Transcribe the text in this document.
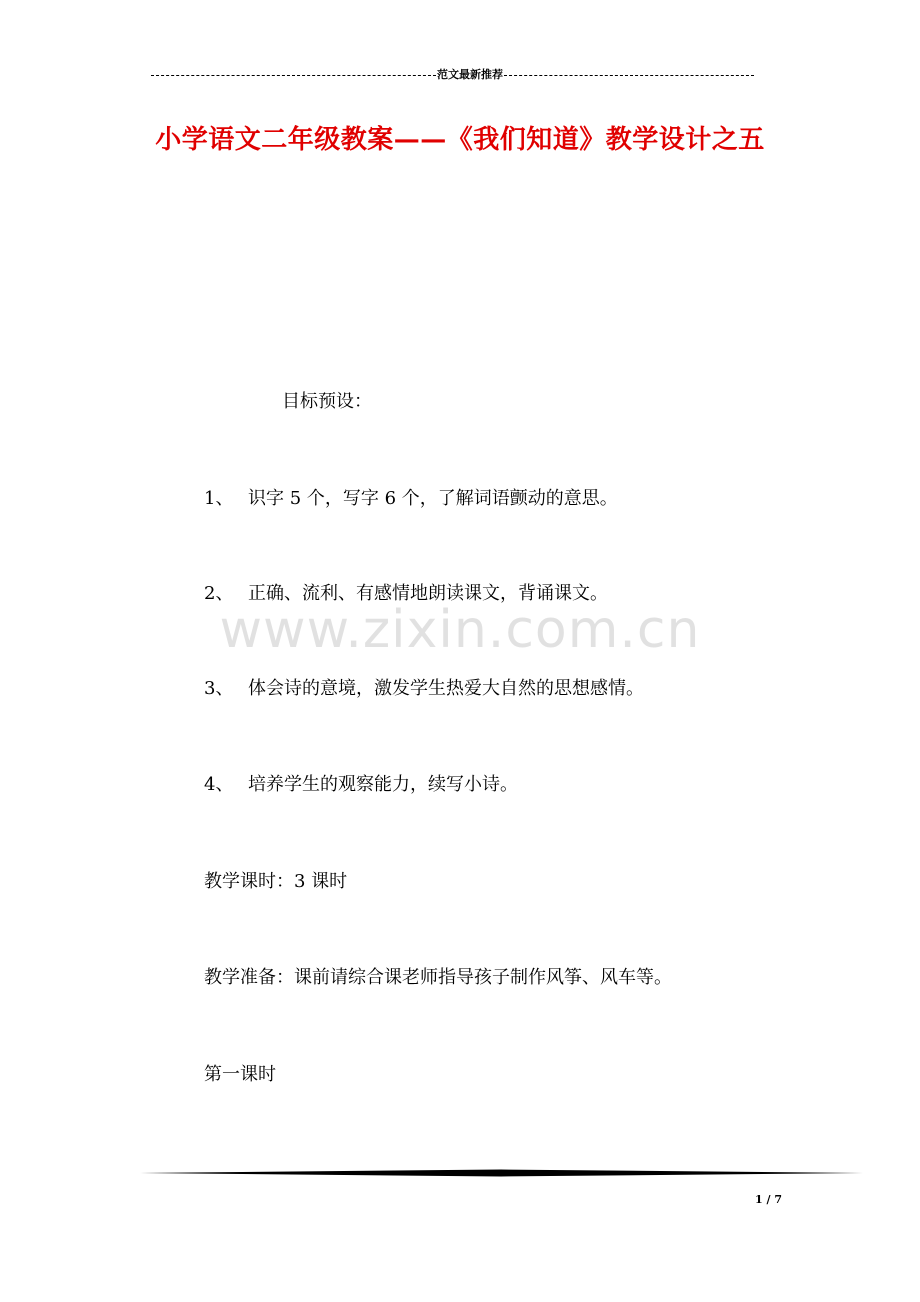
范文最新推荐
小学语文二年级教案——《我们知道》教学设计之五
目标预设：
1、 识字 5 个，写字 6 个，了解词语颤动的意思。
2、 正确、流利、有感情地朗读课文，背诵课文。
3、 体会诗的意境，激发学生热爱大自然的思想感情。
4、 培养学生的观察能力，续写小诗。
教学课时：3 课时
教学准备：课前请综合课老师指导孩子制作风筝、风车等。
第一课时
www.zixin.com.cn
1 / 7
